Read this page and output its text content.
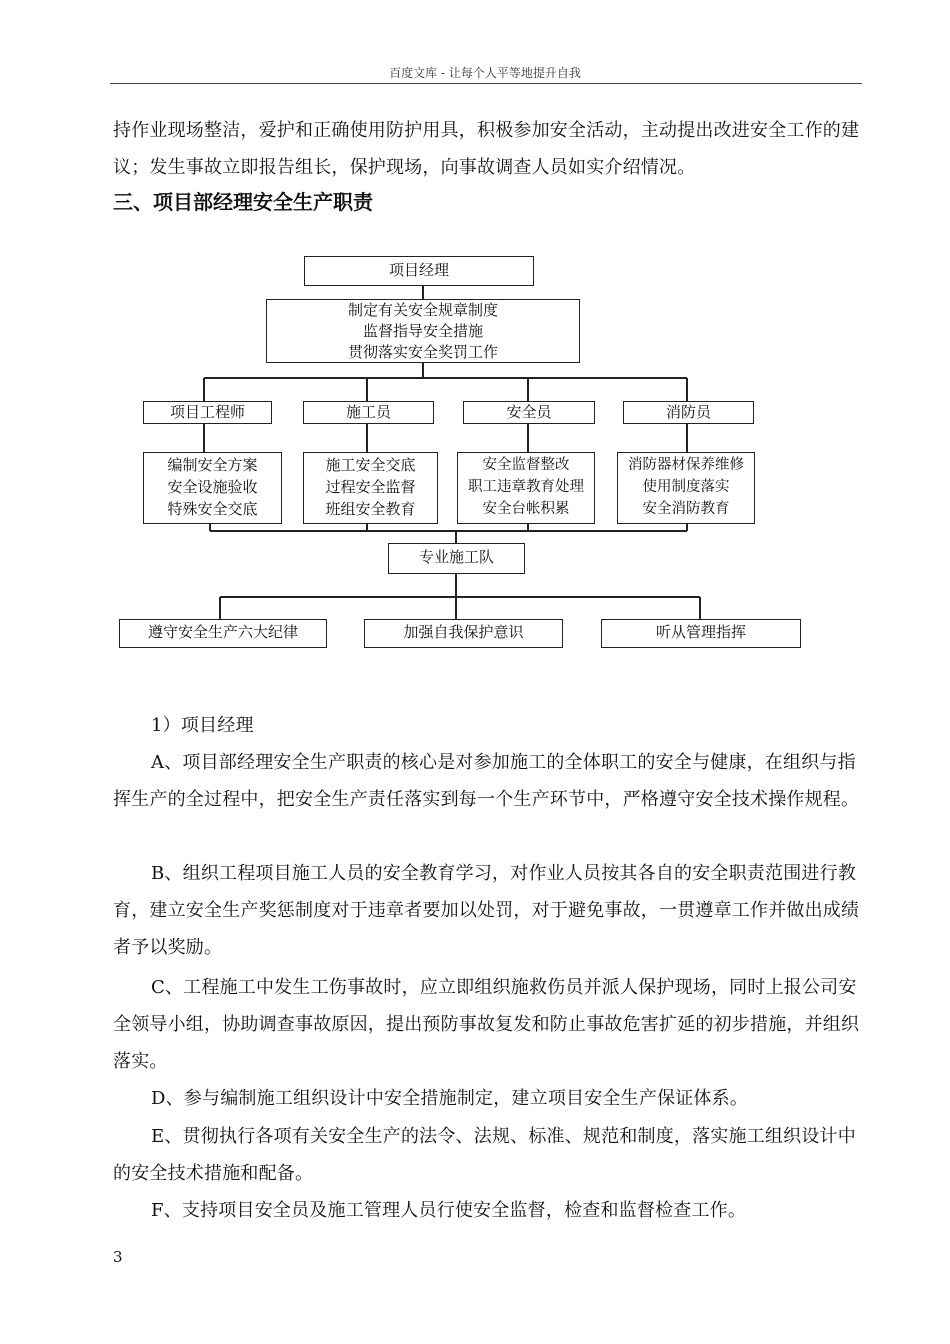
百度文库 - 让每个人平等地提升自我

持作业现场整洁，爱护和正确使用防护用具，积极参加安全活动，主动提出改进安全工作的建议；发生事故立即报告组长，保护现场，向事故调查人员如实介绍情况。

三、项目部经理安全生产职责
项目经理
制定有关安全规章制度
监督指导安全措施
贯彻落实安全奖罚工作
项目工程师	施工员	安全员	消防员
编制安全方案
安全设施验收
特殊安全交底
施工安全交底
过程安全监督
班组安全教育
安全监督整改
职工违章教育处理
安全台帐积累
消防器材保养维修
使用制度落实
安全消防教育
专业施工队
遵守安全生产六大纪律	加强自我保护意识	听从管理指挥

1）项目经理

A、项目部经理安全生产职责的核心是对参加施工的全体职工的安全与健康，在组织与指挥生产的全过程中，把安全生产责任落实到每一个生产环节中，严格遵守安全技术操作规程。

B、组织工程项目施工人员的安全教育学习，对作业人员按其各自的安全职责范围进行教育，建立安全生产奖惩制度对于违章者要加以处罚，对于避免事故，一贯遵章工作并做出成绩者予以奖励。

C、工程施工中发生工伤事故时，应立即组织施救伤员并派人保护现场，同时上报公司安全领导小组，协助调查事故原因，提出预防事故复发和防止事故危害扩延的初步措施，并组织落实。

D、参与编制施工组织设计中安全措施制定，建立项目安全生产保证体系。

E、贯彻执行各项有关安全生产的法令、法规、标准、规范和制度，落实施工组织设计中的安全技术措施和配备。

F、支持项目安全员及施工管理人员行使安全监督，检查和监督检查工作。

3
